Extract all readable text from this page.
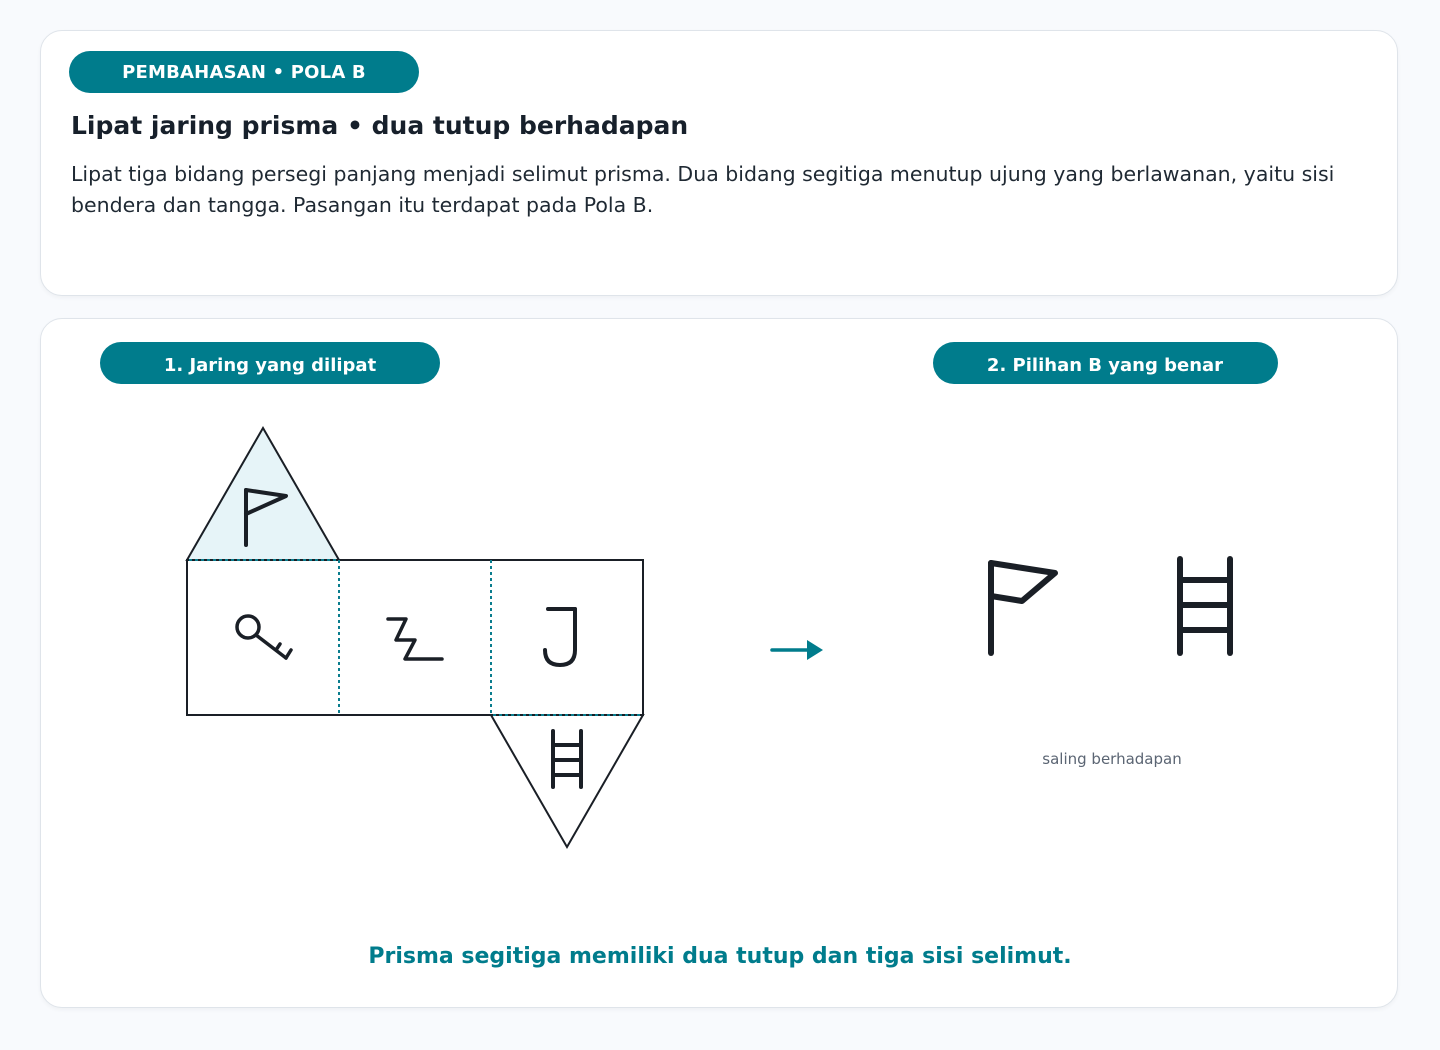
PEMBAHASAN • POLA B
Lipat jaring prisma • dua tutup berhadapan

Lipat tiga bidang persegi panjang menjadi selimut prisma. Dua bidang segitiga menutup ujung yang berlawanan, yaitu sisi bendera dan tangga. Pasangan itu terdapat pada Pola B.

1. Jaring yang dilipat	2. Pilihan B yang benar
saling berhadapan
Prisma segitiga memiliki dua tutup dan tiga sisi selimut.
